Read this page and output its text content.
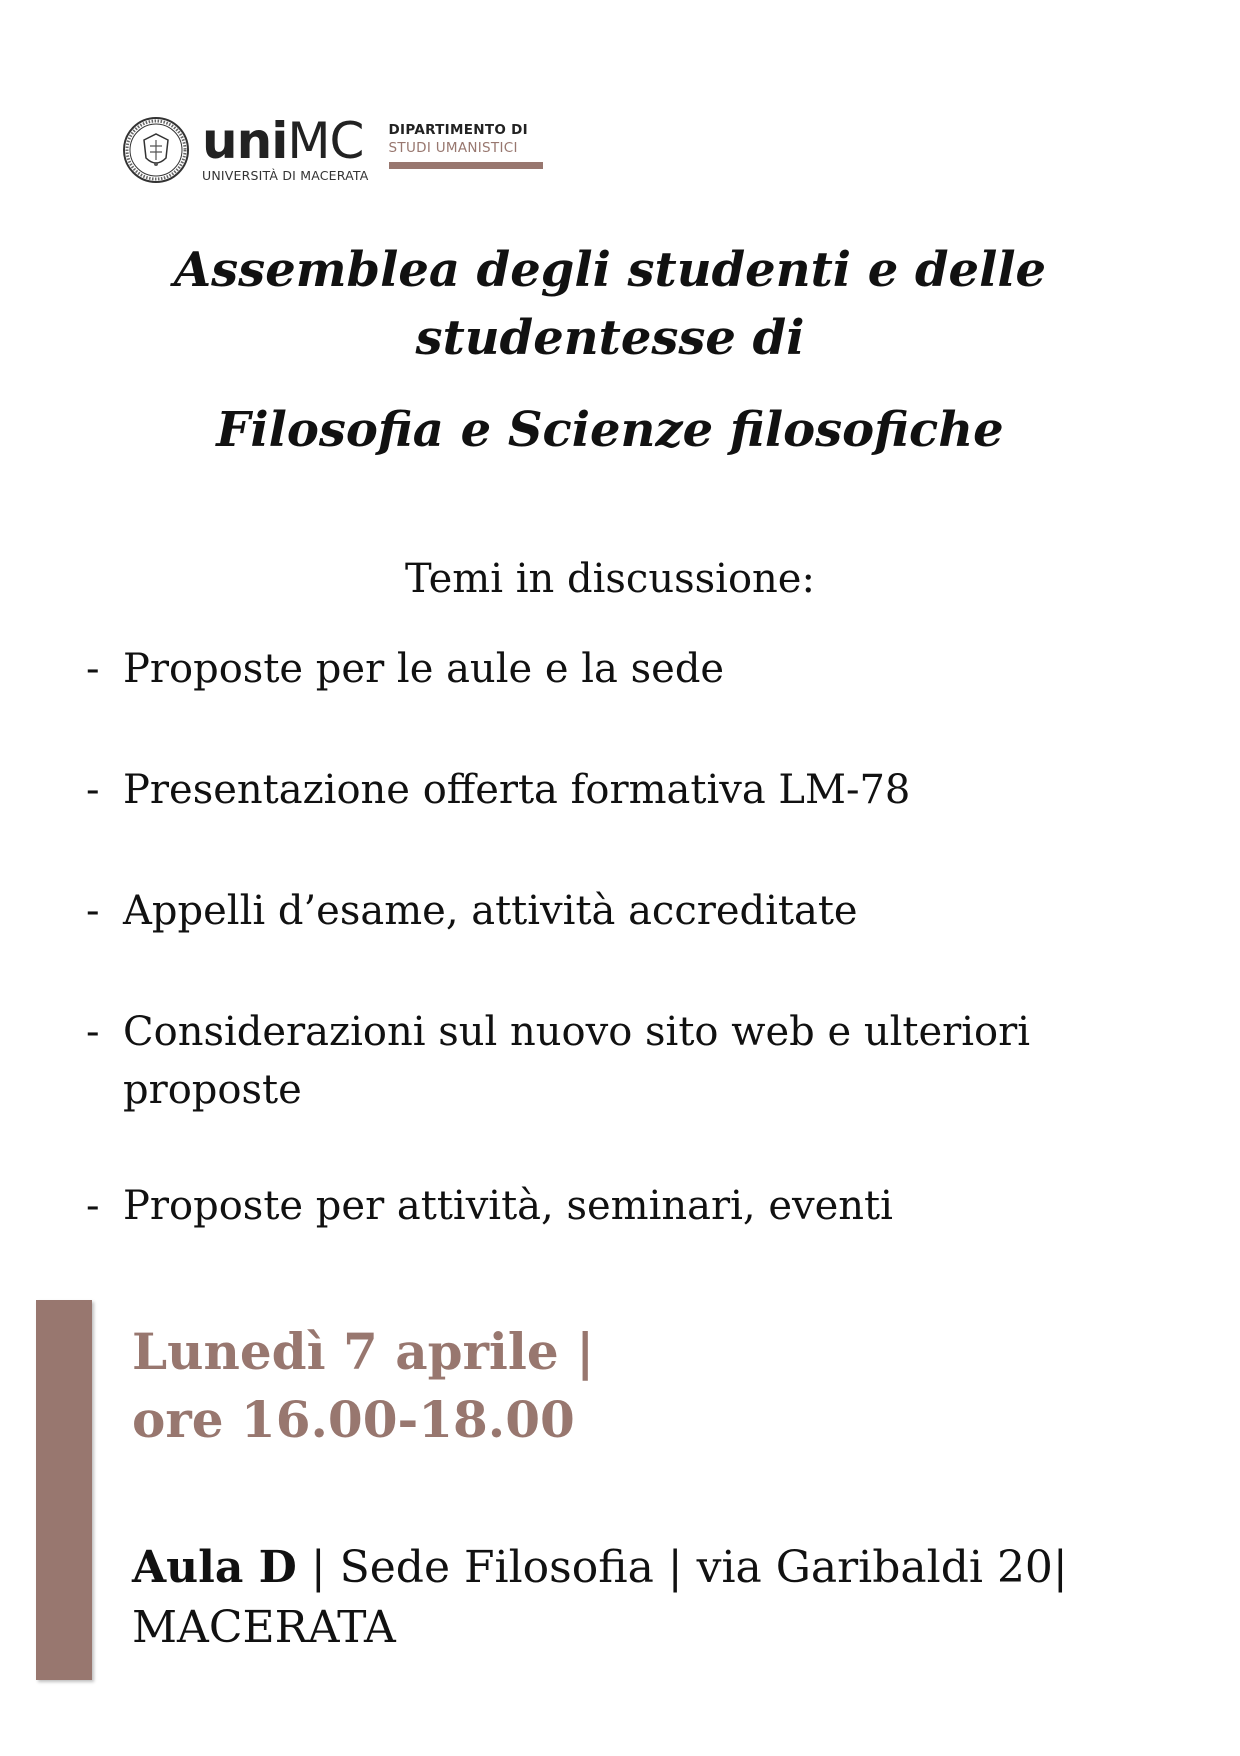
uniMC
UNIVERSITÀ DI MACERATA
DIPARTIMENTO DI
STUDI UMANISTICI
Assemblea degli studenti e delle
studentesse di
Filosofia e Scienze filosofiche

Temi in discussione:

- Proposte per le aule e la sede
- Presentazione offerta formativa LM-78
- Appelli d’esame, attività accreditate
- Considerazioni sul nuovo sito web e ulteriori proposte
- Proposte per attività, seminari, eventi

Lunedì 7 aprile |

ore 16.00-18.00

Aula D | Sede Filosofia | via Garibaldi 20| MACERATA
